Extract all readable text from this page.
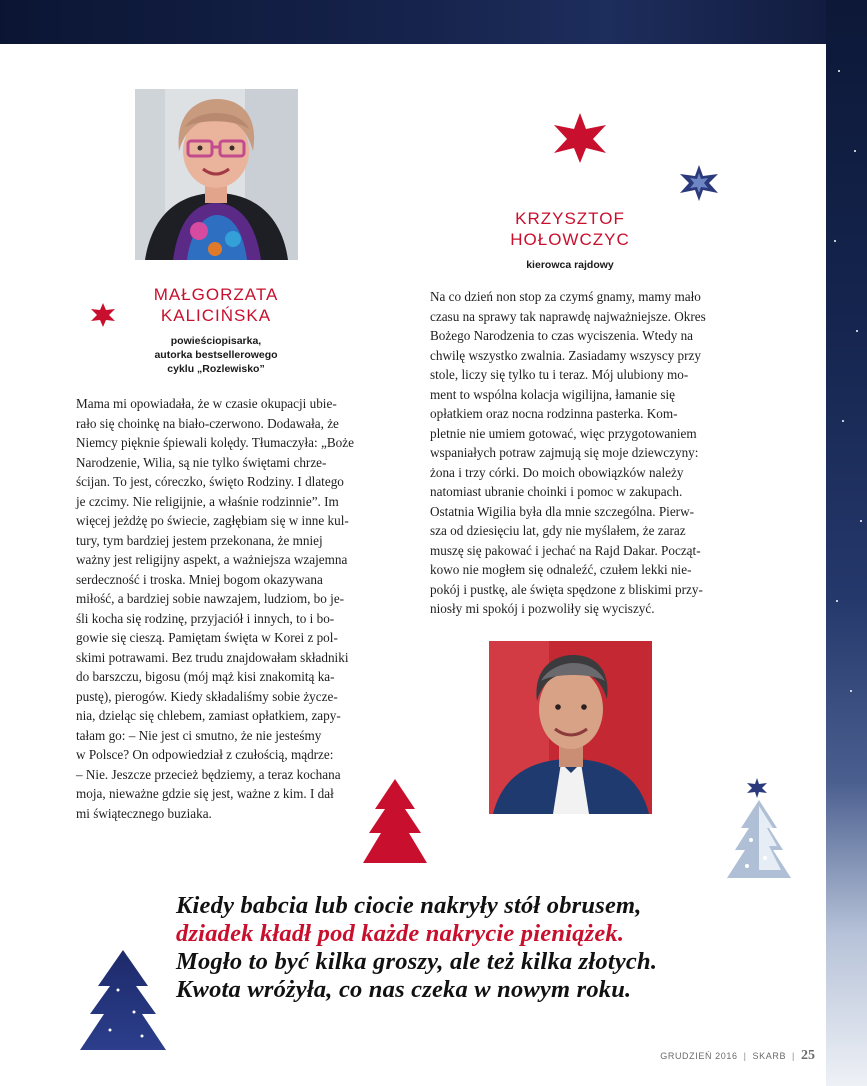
MAŁGORZATA
KALICIŃSKA

powieściopisarka,
autorka bestsellerowego
cyklu „Rozlewisko”

KRZYSZTOF
HOŁOWCZYC

kierowca rajdowy

Mama mi opowiadała, że w czasie okupacji ubie-
rało się choinkę na biało-czerwono. Dodawała, że
Niemcy pięknie śpiewali kolędy. Tłumaczyła: „Boże
Narodzenie, Wilia, są nie tylko świętami chrze-
ścijan. To jest, córeczko, święto Rodziny. I dlatego
je czcimy. Nie religijnie, a właśnie rodzinnie”. Im
więcej jeżdżę po świecie, zagłębiam się w inne kul-
tury, tym bardziej jestem przekonana, że mniej
ważny jest religijny aspekt, a ważniejsza wzajemna
serdeczność i troska. Mniej bogom okazywana
miłość, a bardziej sobie nawzajem, ludziom, bo je-
śli kocha się rodzinę, przyjaciół i innych, to i bo-
gowie się cieszą. Pamiętam święta w Korei z pol-
skimi potrawami. Bez trudu znajdowałam składniki
do barszczu, bigosu (mój mąż kisi znakomitą ka-
pustę), pierogów. Kiedy składaliśmy sobie życze-
nia, dzieląc się chlebem, zamiast opłatkiem, zapy-
tałam go: – Nie jest ci smutno, że nie jesteśmy
w Polsce? On odpowiedział z czułością, mądrze:
– Nie. Jeszcze przecież będziemy, a teraz kochana
moja, nieważne gdzie się jest, ważne z kim. I dał
mi świątecznego buziaka.
Na co dzień non stop za czymś gnamy, mamy mało
czasu na sprawy tak naprawdę najważniejsze. Okres
Bożego Narodzenia to czas wyciszenia. Wtedy na
chwilę wszystko zwalnia. Zasiadamy wszyscy przy
stole, liczy się tylko tu i teraz. Mój ulubiony mo-
ment to wspólna kolacja wigilijna, łamanie się
opłatkiem oraz nocna rodzinna pasterka. Kom-
pletnie nie umiem gotować, więc przygotowaniem
wspaniałych potraw zajmują się moje dziewczyny:
żona i trzy córki. Do moich obowiązków należy
natomiast ubranie choinki i pomoc w zakupach.
Ostatnia Wigilia była dla mnie szczególna. Pierw-
sza od dziesięciu lat, gdy nie myślałem, że zaraz
muszę się pakować i jechać na Rajd Dakar. Począt-
kowo nie mogłem się odnaleźć, czułem lekki nie-
pokój i pustkę, ale święta spędzone z bliskimi przy-
niosły mi spokój i pozwoliły się wyciszyć.
Kiedy babcia lub ciocie nakryły stół obrusem,
dziadek kładł pod każde nakrycie pieniążek.
Mogło to być kilka groszy, ale też kilka złotych.
Kwota wróżyła, co nas czeka w nowym roku.
GRUDZIEŃ 2016 | SKARB | 25
